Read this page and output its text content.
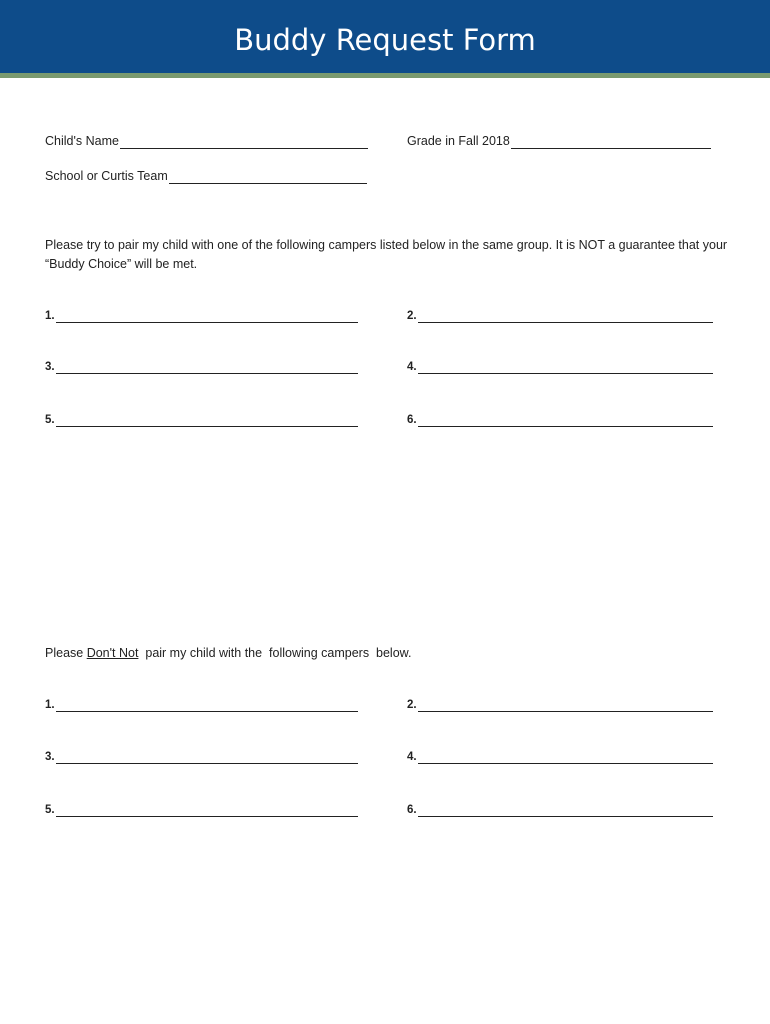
Buddy Request Form
Child's Name	Grade in Fall 2018
School or Curtis Team
Please try to pair my child with one of the following campers listed below in the same group. It is NOT a guarantee that your “Buddy Choice” will be met.
1.	2.
3.	4.
5.	6.
Please Don't Not  pair my child with the  following campers  below.
1.	2.
3.	4.
5.	6.
